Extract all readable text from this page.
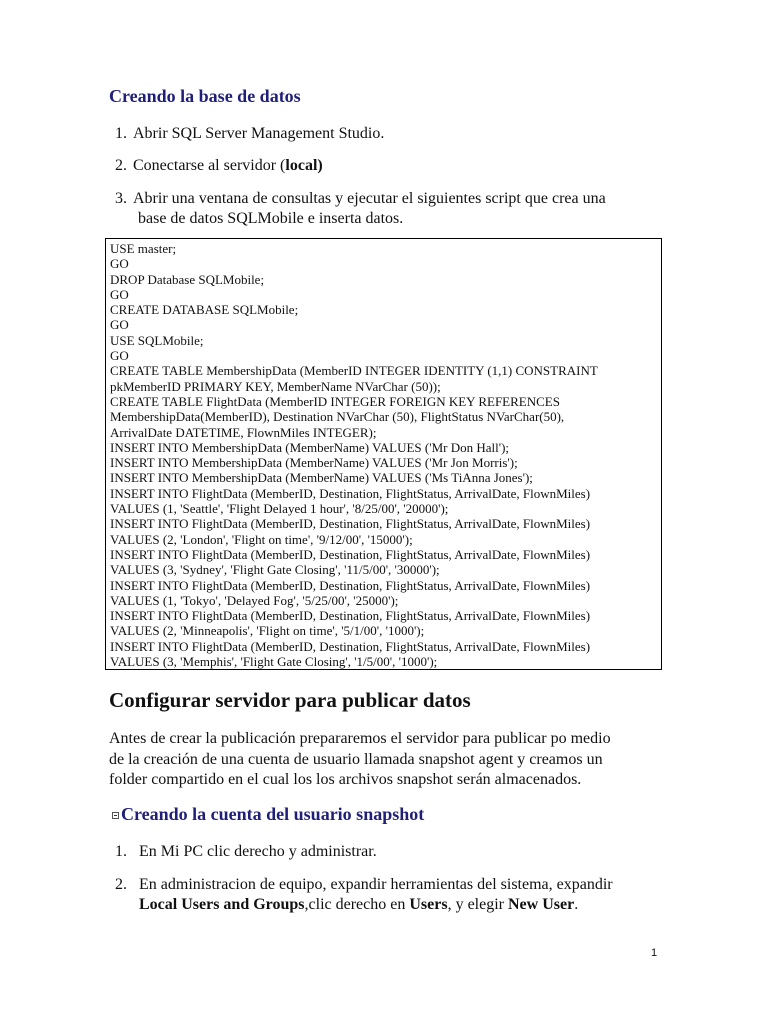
Creando la base de datos
1. Abrir SQL Server Management Studio.
2. Conectarse al servidor (local)
3. Abrir una ventana de consultas y ejecutar el siguientes script que crea una
base de datos SQLMobile e inserta datos.
USE master;
GO
DROP Database SQLMobile;
GO
CREATE DATABASE SQLMobile;
GO
USE SQLMobile;
GO
CREATE TABLE MembershipData (MemberID INTEGER IDENTITY (1,1) CONSTRAINT
pkMemberID PRIMARY KEY, MemberName NVarChar (50));
CREATE TABLE FlightData (MemberID INTEGER FOREIGN KEY REFERENCES
MembershipData(MemberID), Destination NVarChar (50), FlightStatus NVarChar(50),
ArrivalDate DATETIME, FlownMiles INTEGER);
INSERT INTO MembershipData (MemberName) VALUES ('Mr Don Hall');
INSERT INTO MembershipData (MemberName) VALUES ('Mr Jon Morris');
INSERT INTO MembershipData (MemberName) VALUES ('Ms TiAnna Jones');
INSERT INTO FlightData (MemberID, Destination, FlightStatus, ArrivalDate, FlownMiles)
VALUES (1, 'Seattle', 'Flight Delayed 1 hour', '8/25/00', '20000');
INSERT INTO FlightData (MemberID, Destination, FlightStatus, ArrivalDate, FlownMiles)
VALUES (2, 'London', 'Flight on time', '9/12/00', '15000');
INSERT INTO FlightData (MemberID, Destination, FlightStatus, ArrivalDate, FlownMiles)
VALUES (3, 'Sydney', 'Flight Gate Closing', '11/5/00', '30000');
INSERT INTO FlightData (MemberID, Destination, FlightStatus, ArrivalDate, FlownMiles)
VALUES (1, 'Tokyo', 'Delayed Fog', '5/25/00', '25000');
INSERT INTO FlightData (MemberID, Destination, FlightStatus, ArrivalDate, FlownMiles)
VALUES (2, 'Minneapolis', 'Flight on time', '5/1/00', '1000');
INSERT INTO FlightData (MemberID, Destination, FlightStatus, ArrivalDate, FlownMiles)
VALUES (3, 'Memphis', 'Flight Gate Closing', '1/5/00', '1000');
Configurar servidor para publicar datos
Antes de crear la publicación prepararemos el servidor para publicar po medio
de la creación de una cuenta de usuario llamada snapshot agent y creamos un
folder compartido en el cual los los archivos snapshot serán almacenados.
Creando la cuenta del usuario snapshot
1. En Mi PC clic derecho y administrar.
2. En administracion de equipo, expandir herramientas del sistema, expandir
Local Users and Groups,clic derecho en Users, y elegir New User.
1
